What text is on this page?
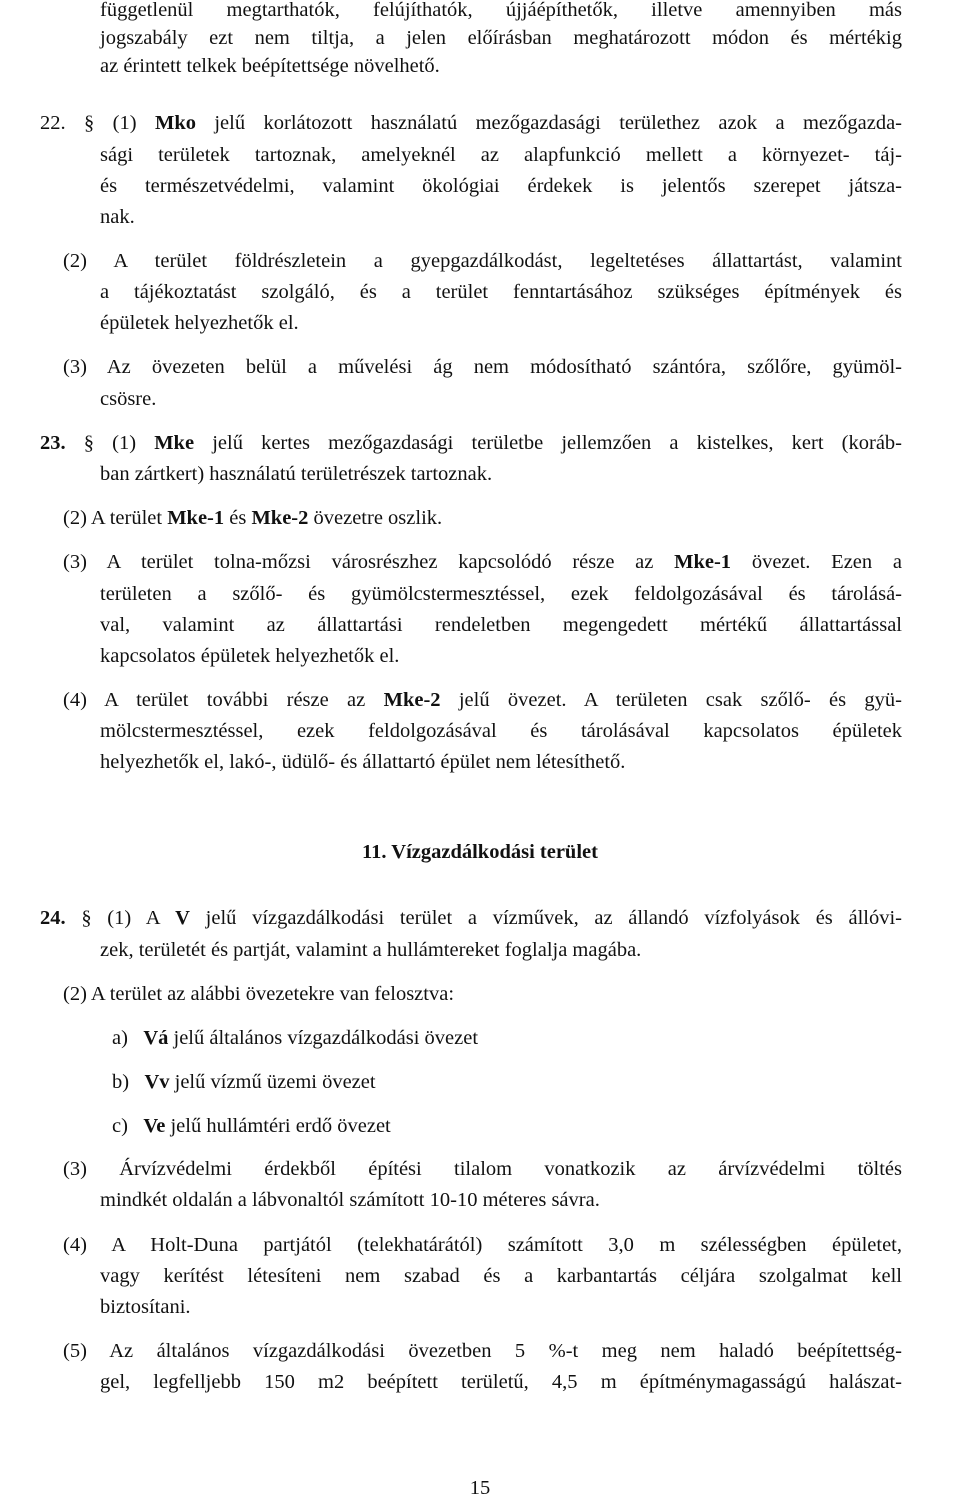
függetlenül megtarthatók, felújíthatók, újjáépíthetők, illetve amennyiben más
jogszabály ezt nem tiltja, a jelen előírásban meghatározott módon és mértékig
az érintett telkek beépítettsége növelhető.
22. § (1) Mko jelű korlátozott használatú mezőgazdasági területhez azok a mezőgazda-
sági területek tartoznak, amelyeknél az alapfunkció mellett a környezet- táj-
és természetvédelmi, valamint ökológiai érdekek is jelentős szerepet játsza-
nak.
(2) A terület földrészletein a gyepgazdálkodást, legeltetéses állattartást, valamint
a tájékoztatást szolgáló, és a terület fenntartásához szükséges építmények és
épületek helyezhetők el.
(3) Az övezeten belül a művelési ág nem módosítható szántóra, szőlőre, gyümöl-
csösre.
23. § (1) Mke jelű kertes mezőgazdasági területbe jellemzően a kistelkes, kert (koráb-
ban zártkert) használatú területrészek tartoznak.
(2) A terület Mke-1 és Mke-2 övezetre oszlik.
(3) A terület tolna-mőzsi városrészhez kapcsolódó része az Mke-1 övezet. Ezen a
területen a szőlő- és gyümölcstermesztéssel, ezek feldolgozásával és tárolásá-
val, valamint az állattartási rendeletben megengedett mértékű állattartással
kapcsolatos épületek helyezhetők el.
(4) A terület további része az Mke-2 jelű övezet. A területen csak szőlő- és gyü-
mölcstermesztéssel, ezek feldolgozásával és tárolásával kapcsolatos épületek
helyezhetők el, lakó-, üdülő- és állattartó épület nem létesíthető.
11. Vízgazdálkodási terület
24. § (1) A V jelű vízgazdálkodási terület a vízművek, az állandó vízfolyások és állóvi-
zek, területét és partját, valamint a hullámtereket foglalja magába.
(2) A terület az alábbi övezetekre van felosztva:
a)   Vá jelű általános vízgazdálkodási övezet
b)   Vv jelű vízmű üzemi övezet
c)   Ve jelű hullámtéri erdő övezet
(3) Árvízvédelmi érdekből építési tilalom vonatkozik az árvízvédelmi töltés
mindkét oldalán a lábvonaltól számított 10-10 méteres sávra.
(4) A Holt-Duna partjától (telekhatárától) számított 3,0 m szélességben épületet,
vagy kerítést létesíteni nem szabad és a karbantartás céljára szolgalmat kell
biztosítani.
(5) Az általános vízgazdálkodási övezetben 5 %-t meg nem haladó beépítettség-
gel, legfelljebb 150 m2 beépített területű, 4,5 m építménymagasságú halászat-
15
